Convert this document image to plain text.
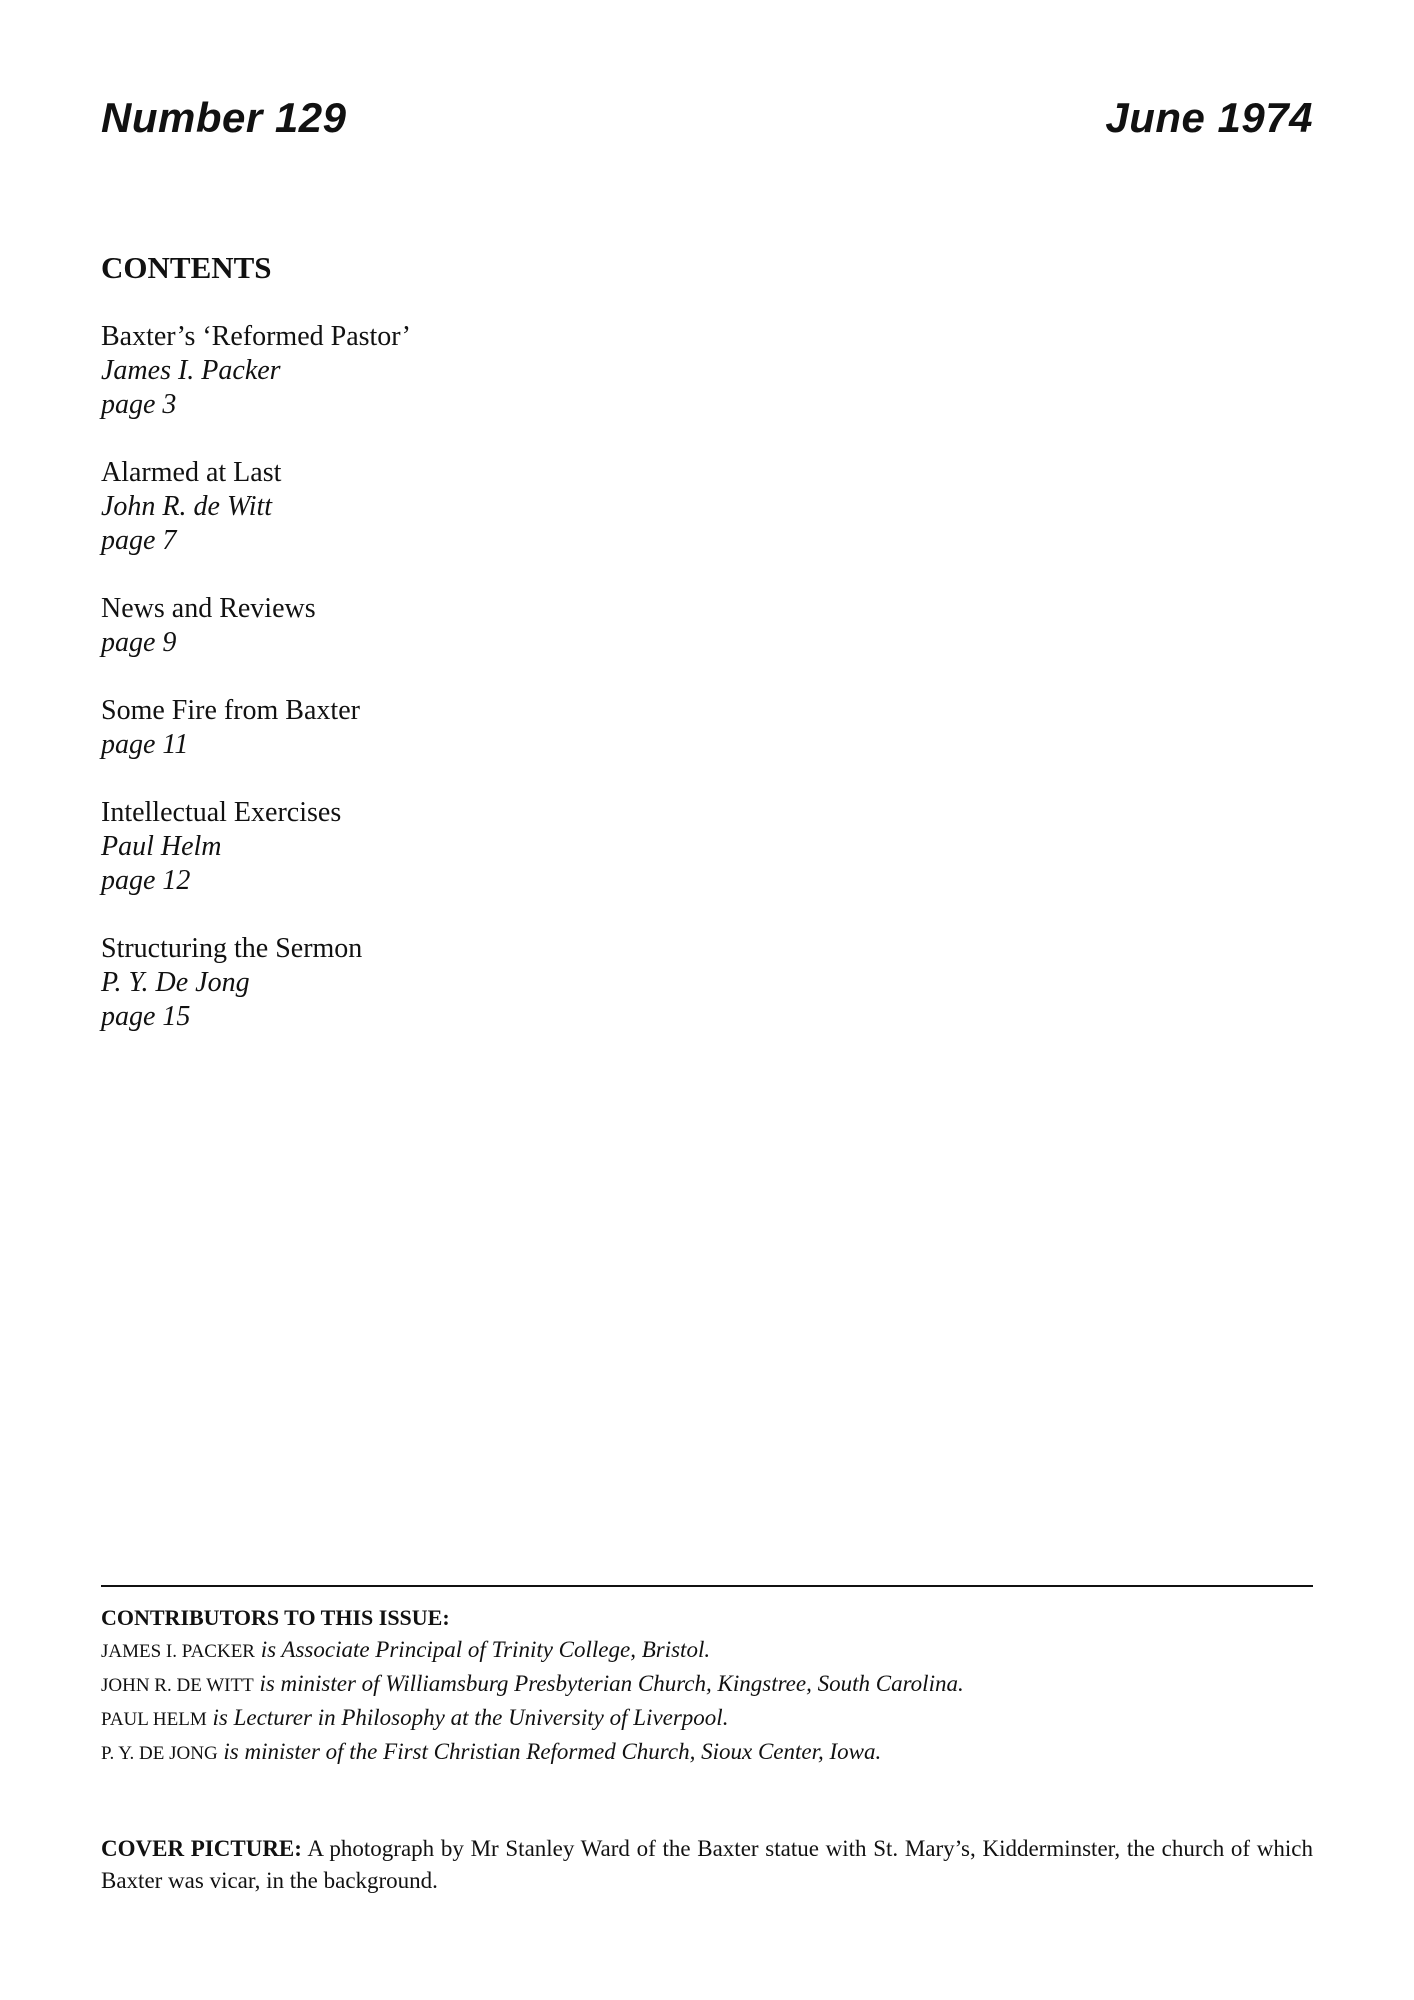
Number 129	June 1974
CONTENTS
Baxter’s ‘Reformed Pastor’
James I. Packer
page 3
Alarmed at Last
John R. de Witt
page 7
News and Reviews
page 9
Some Fire from Baxter
page 11
Intellectual Exercises
Paul Helm
page 12
Structuring the Sermon
P. Y. De Jong
page 15
CONTRIBUTORS TO THIS ISSUE:
JAMES I. PACKER is Associate Principal of Trinity College, Bristol.
JOHN R. DE WITT is minister of Williamsburg Presbyterian Church, Kingstree, South Carolina.
PAUL HELM is Lecturer in Philosophy at the University of Liverpool.
P. Y. DE JONG is minister of the First Christian Reformed Church, Sioux Center, Iowa.
COVER PICTURE: A photograph by Mr Stanley Ward of the Baxter statue with St. Mary’s, Kidderminster, the church of which Baxter was vicar, in the background.
